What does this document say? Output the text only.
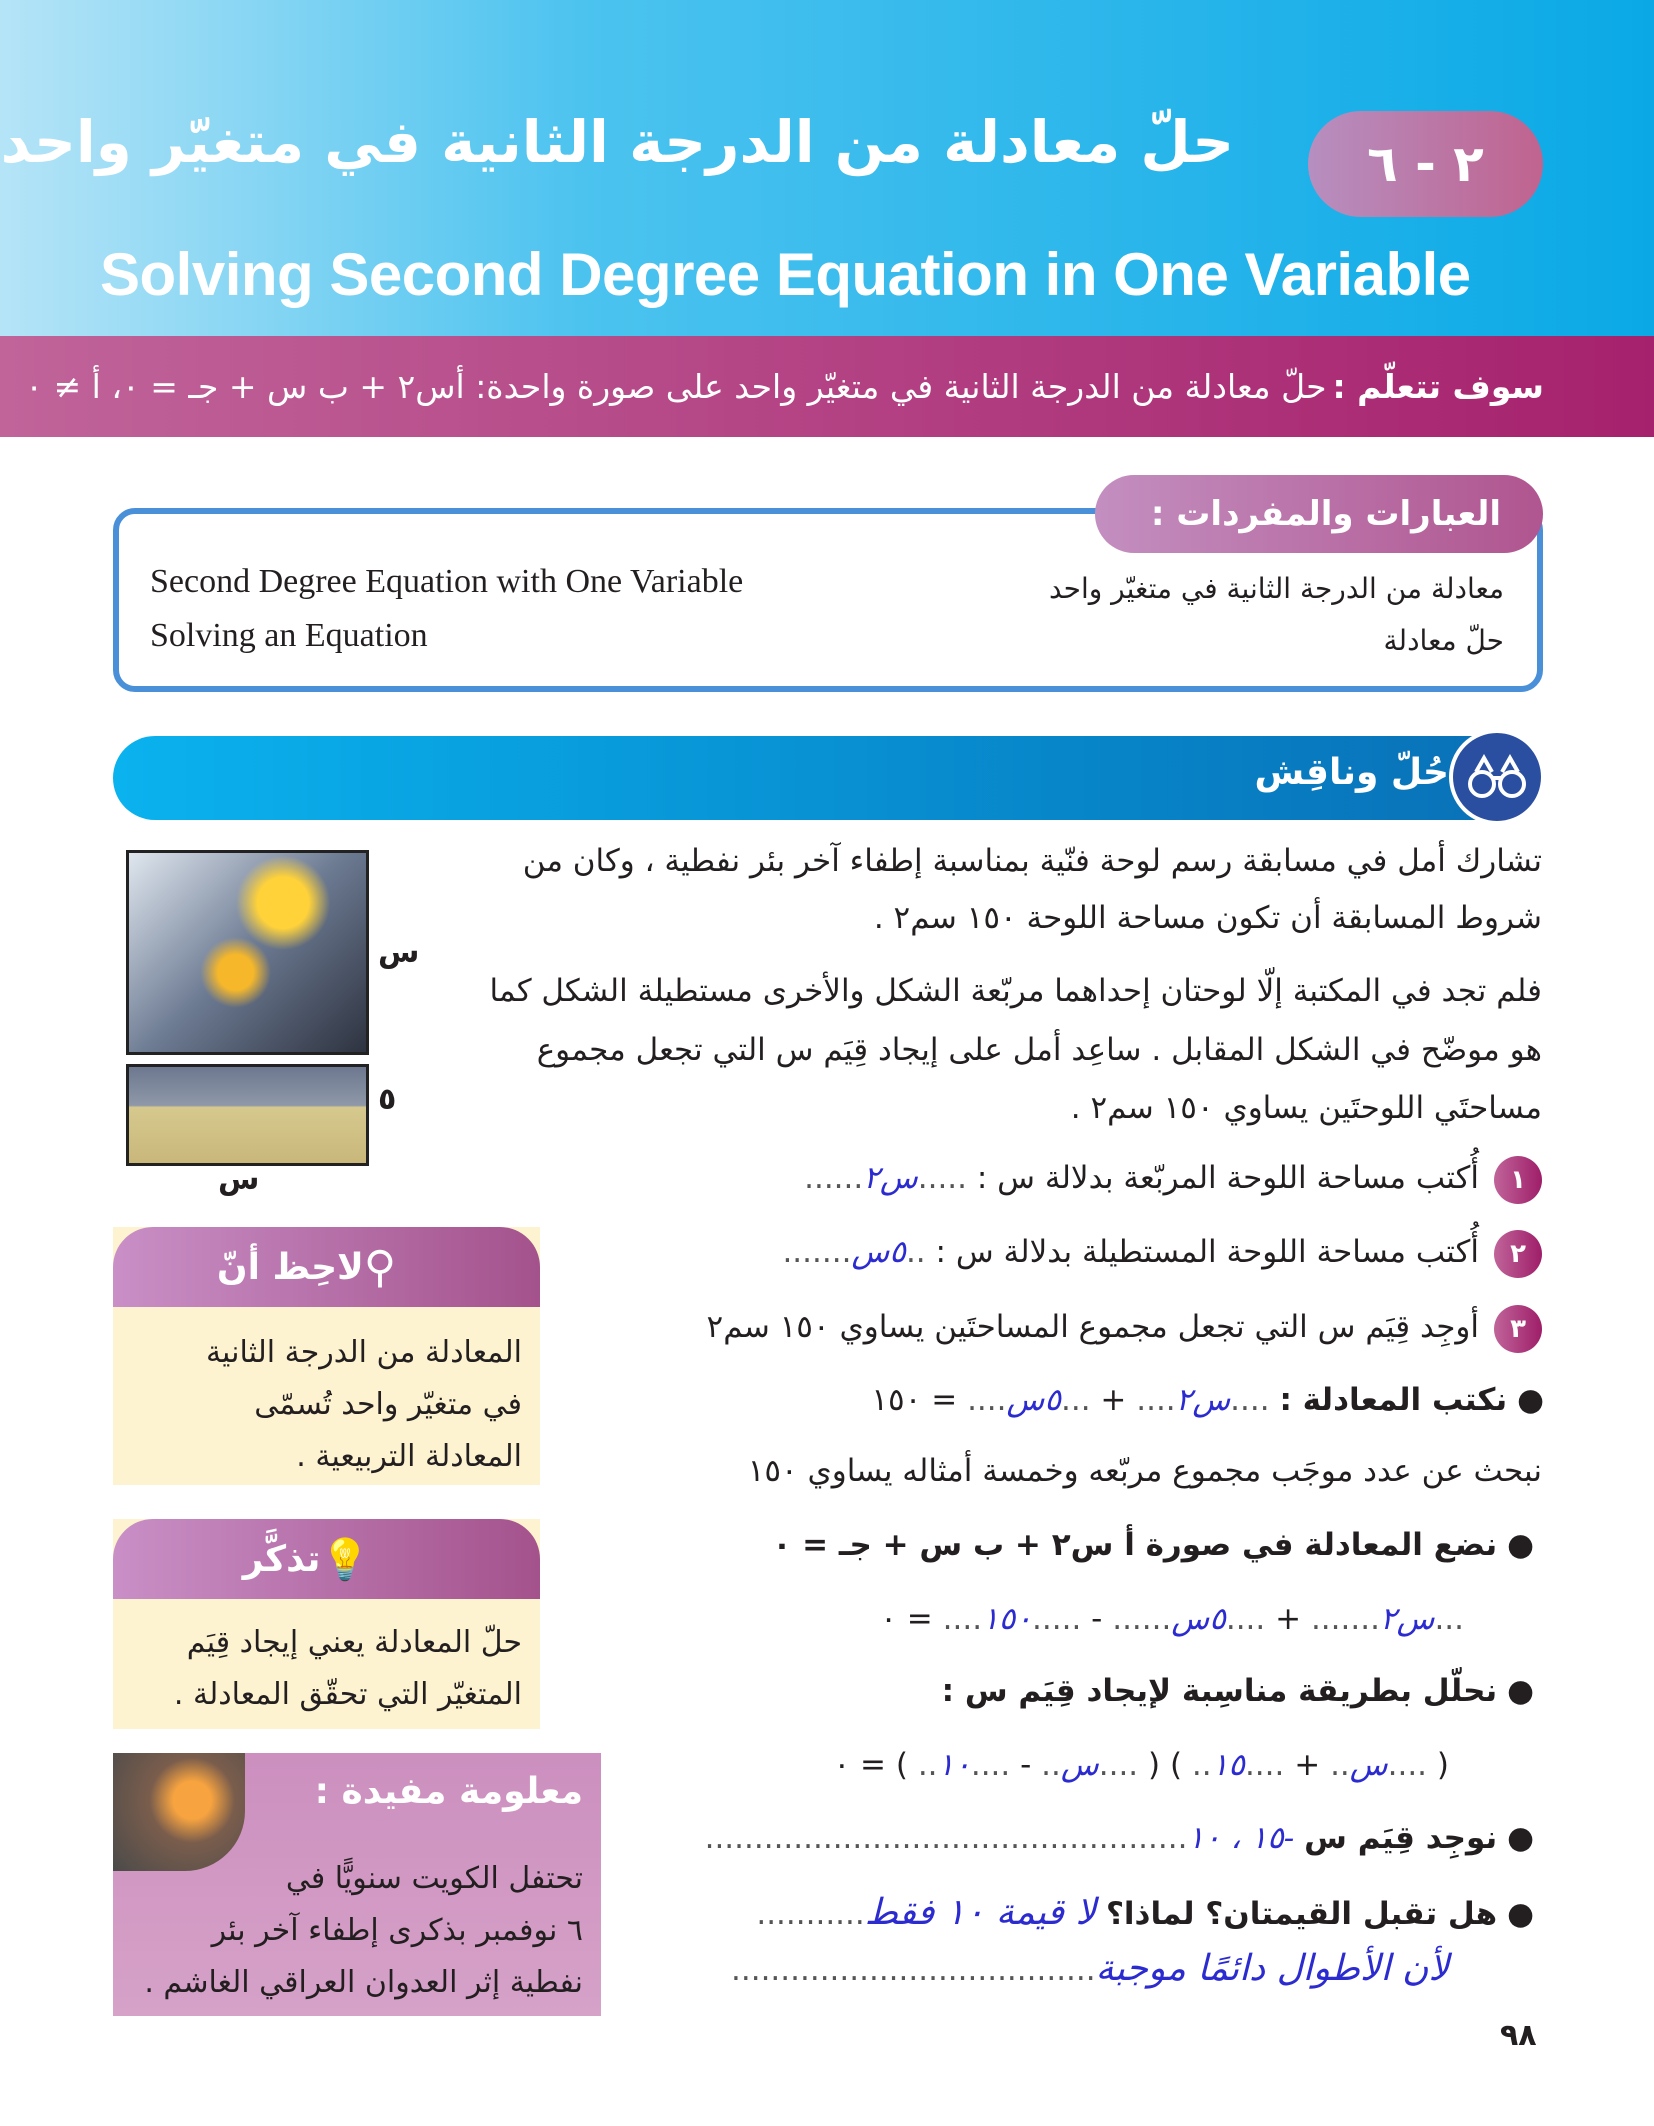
حلّ معادلة من الدرجة الثانية في متغيّر واحد	٢ - ٦
Solving Second Degree Equation in One Variable
سوف تتعلّم :
حلّ معادلة من الدرجة الثانية في متغيّر واحد على صورة واحدة: أس٢ + ب س + جـ = ٠، أ ≠ ٠
العبارات والمفردات :
Second Degree Equation with One Variable
Solving an Equation
معادلة من الدرجة الثانية في متغيّر واحد
حلّ معادلة
حُلّ وناقِش
تشارك أمل في مسابقة رسم لوحة فنّية بمناسبة إطفاء آخر بئر نفطية ، وكان من
شروط المسابقة أن تكون مساحة اللوحة ١٥٠ سم٢ .
فلم تجد في المكتبة إلّا لوحتان إحداهما مربّعة الشكل والأخرى مستطيلة الشكل كما
هو موضّح في الشكل المقابل . ساعِد أمل على إيجاد قِيَم س التي تجعل مجموع
مساحتَي اللوحتَين يساوي ١٥٠ سم٢ .
س
٥
س	١
أُكتب مساحة اللوحة المربّعة بدلالة س : .....س٢......
٢
أُكتب مساحة اللوحة المستطيلة بدلالة س : ..٥س.......
٣
أوجِد قِيَم س التي تجعل مجموع المساحتَين يساوي ١٥٠ سم٢
● نكتب المعادلة : ....س٢.... + ...٥س.... = ١٥٠
نبحث عن عدد موجَب مجموع مربّعه وخمسة أمثاله يساوي ١٥٠
● نضع المعادلة في صورة أ س٢ + ب س + جـ = ٠
...س٢....... + ....٥س...... - .....١٥٠.... = ٠
● نحلّل بطريقة مناسِبة لإيجاد قِيَم س :
( ....س.. + ....١٥.. ) ( ....س.. - ....١٠.. ) = ٠
● نوجِد قِيَم س -١٥ ، ١٠.................................................
● هل تقبل القيمتان؟ لماذا؟ لا قيمة ١٠ فقط...........
لأن الأطوال دائمًا موجبة.....................................
لاحِظ أنّ ⚲
المعادلة من الدرجة الثانية
في متغيّر واحد تُسمّى
المعادلة التربيعية .
تذكَّر 💡
حلّ المعادلة يعني إيجاد قِيَم
المتغيّر التي تحقّق المعادلة .
معلومة مفيدة :
تحتفل الكويت سنويًّا في
٦ نوفمبر بذكرى إطفاء آخر بئر
نفطية إثر العدوان العراقي الغاشم .
٩٨
